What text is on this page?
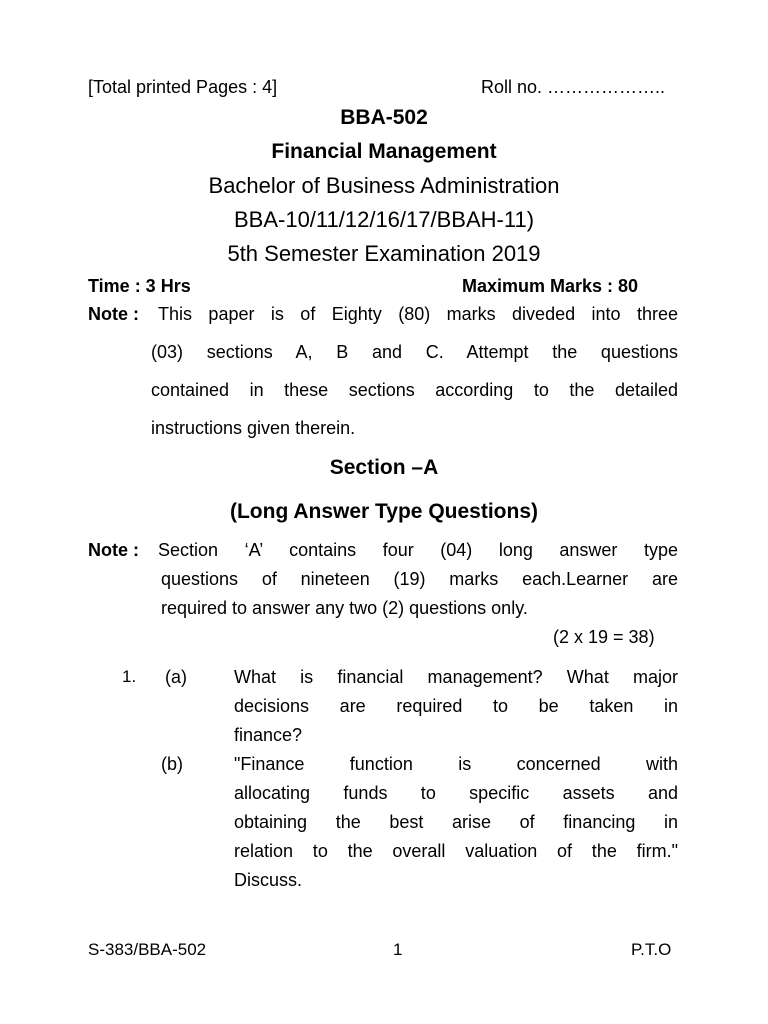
[Total printed Pages : 4]	Roll no. ………………..
BBA-502
Financial Management
Bachelor of Business Administration
BBA-10/11/12/16/17/BBAH-11)
5th Semester Examination 2019
Time : 3 Hrs	Maximum Marks : 80
Note : This paper is of Eighty (80) marks diveded into three
(03) sections A, B and C. Attempt the questions
contained in these sections according to the detailed
instructions given therein.
Section –A
(Long Answer Type Questions)
Note : Section ‘A’ contains four (04) long answer type
questions of nineteen (19) marks each.Learner are
required to answer any two (2) questions only.
(2 x 19 = 38)
1. (a)	What is financial management? What major
decisions are required to be taken in
finance?
(b)	"Finance function is concerned with
allocating funds to specific assets and
obtaining the best arise of financing in
relation to the overall valuation of the firm."
Discuss.
S-383/BBA-502	1	P.T.O
